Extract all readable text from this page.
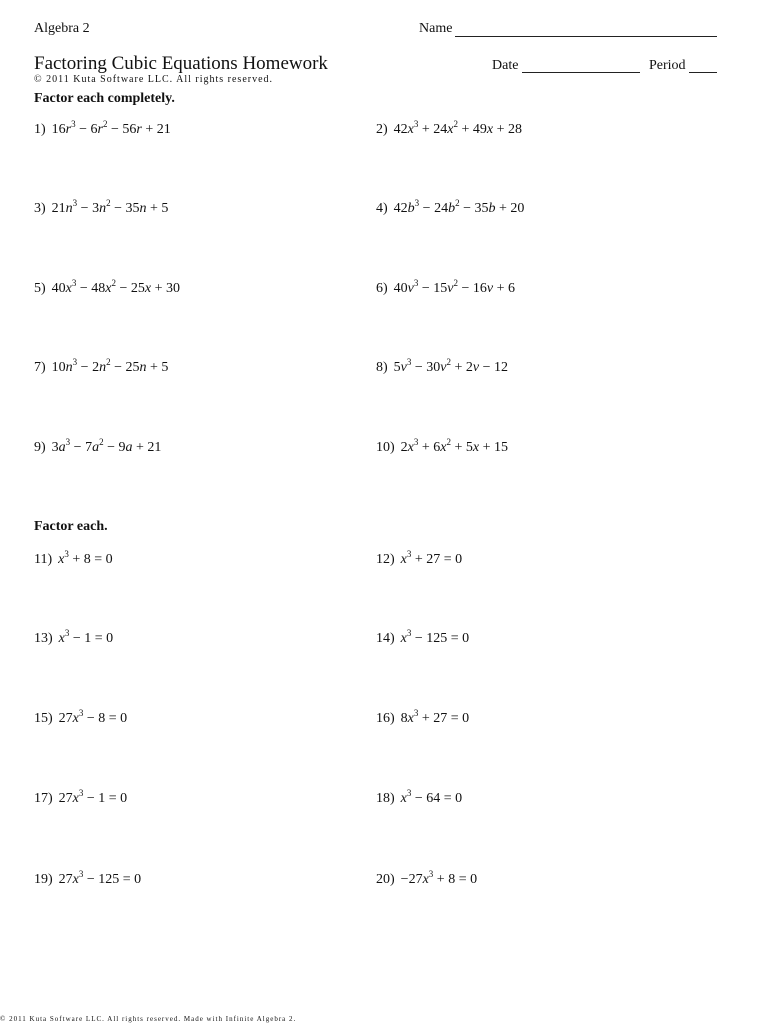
Algebra 2	Name
Factoring Cubic Equations Homework	Date	Period
© 2011 Kuta Software LLC. All rights reserved.
Factor each completely.
Factor each.
1) $16r^3 - 6r^2 - 56r + 21$	2) $42x^3 + 24x^2 + 49x + 28$
3) $21n^3 - 3n^2 - 35n + 5$	4) $42b^3 - 24b^2 - 35b + 20$
5) $40x^3 - 48x^2 - 25x + 30$	6) $40v^3 - 15v^2 - 16v + 6$
7) $10n^3 - 2n^2 - 25n + 5$	8) $5v^3 - 30v^2 + 2v - 12$
9) $3a^3 - 7a^2 - 9a + 21$	10) $2x^3 + 6x^2 + 5x + 15$
11) $x^3 + 8 = 0$	12) $x^3 + 27 = 0$
13) $x^3 - 1 = 0$	14) $x^3 - 125 = 0$
15) $27x^3 - 8 = 0$	16) $8x^3 + 27 = 0$
17) $27x^3 - 1 = 0$	18) $x^3 - 64 = 0$
19) $27x^3 - 125 = 0$	$20) -27x^3 + 8 = 0$
© 2011 Kuta Software LLC. All rights reserved. Made with Infinite Algebra 2.
